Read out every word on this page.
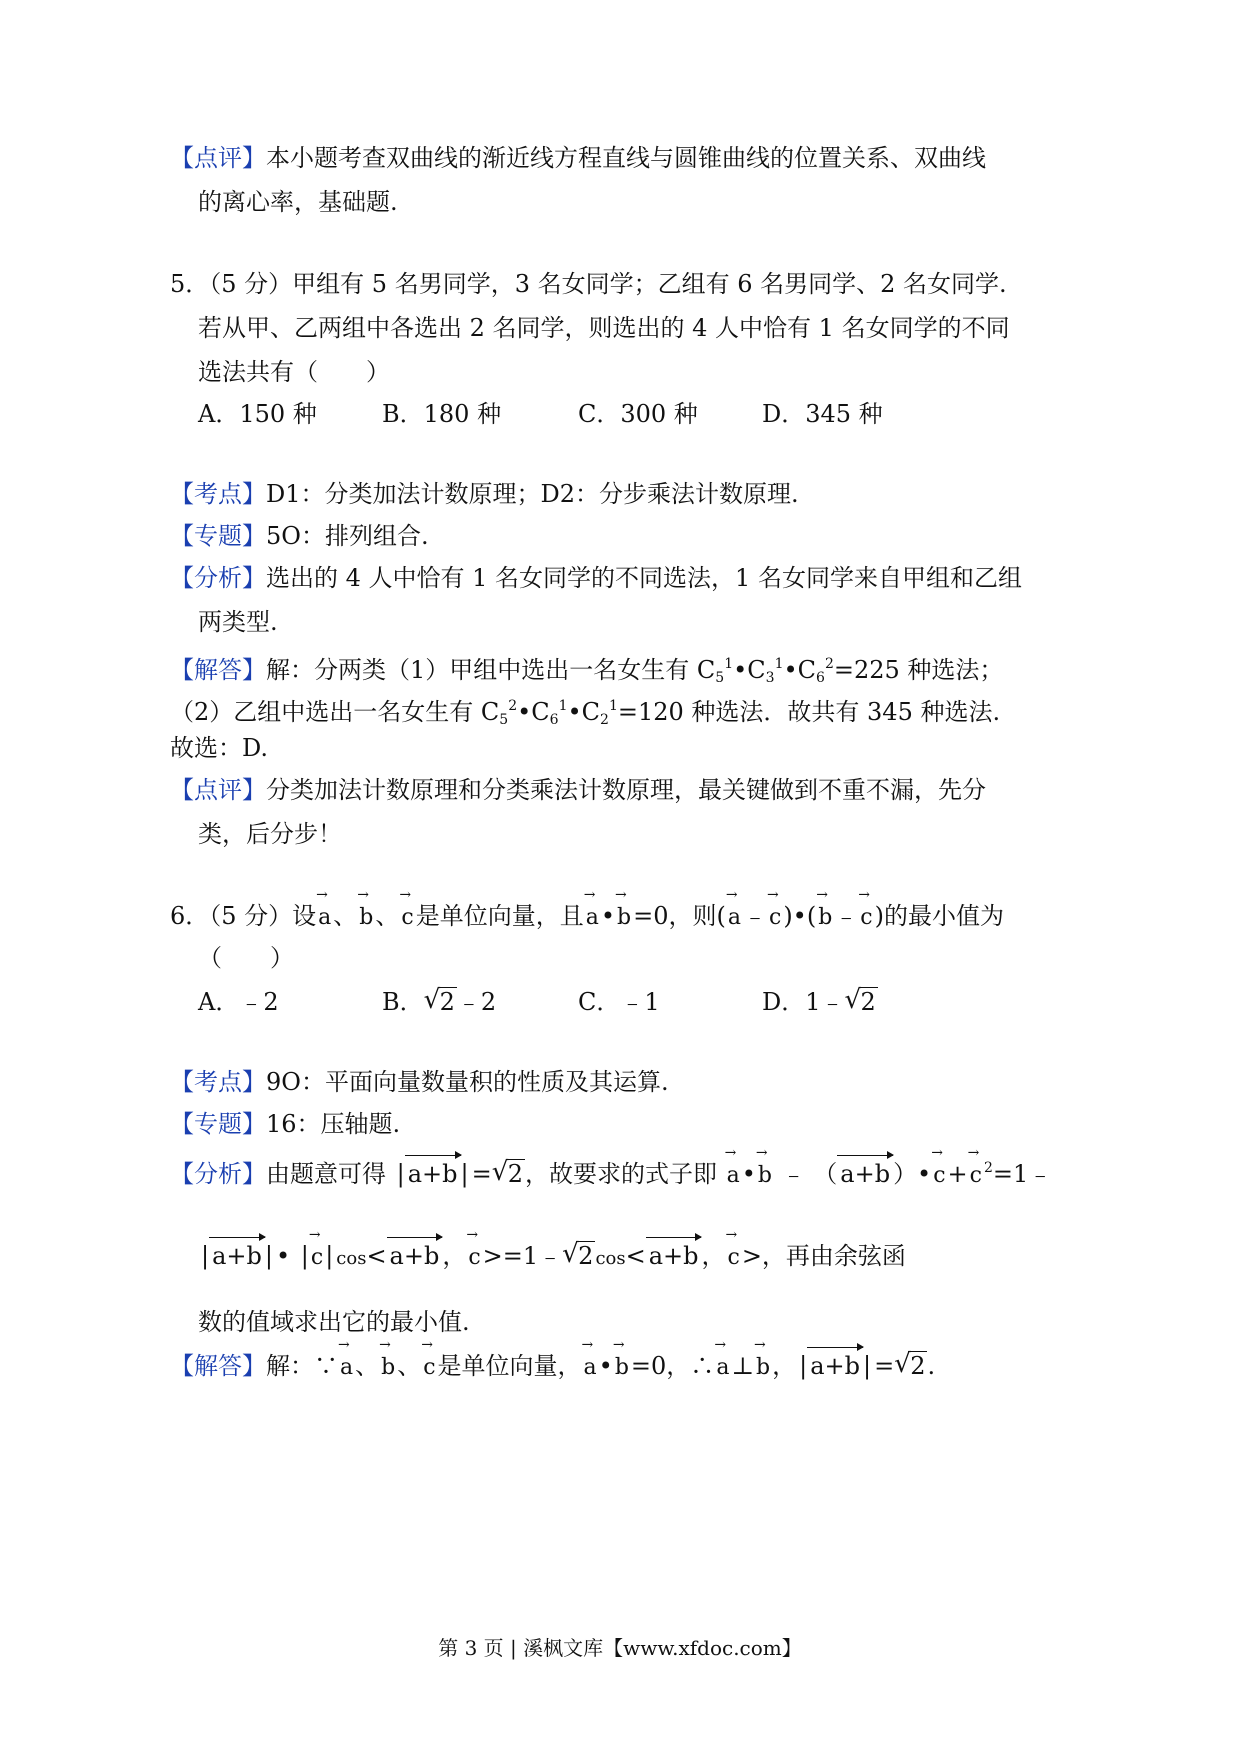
【点评】本小题考查双曲线的渐近线方程直线与圆锥曲线的位置关系、双曲线
的离心率，基础题.
5．（5 分）甲组有 5 名男同学，3 名女同学；乙组有 6 名男同学、2 名女同学.
若从甲、乙两组中各选出 2 名同学，则选出的 4 人中恰有 1 名女同学的不同
选法共有（　　）
A．150 种	B．180 种	C．300 种	D．345 种
【考点】D1：分类加法计数原理；D2：分步乘法计数原理.
【专题】5O：排列组合.
【分析】选出的 4 人中恰有 1 名女同学的不同选法，1 名女同学来自甲组和乙组
两类型.
【解答】解：分两类（1）甲组中选出一名女生有 $C_5^1•C_3^1•C_6^2=225$ 种选法；
（2）乙组中选出一名女生有 $C_5^2•C_6^1•C_2^1=120$ 种选法．故共有 345 种选法.
故选：D.
【点评】分类加法计数原理和分类乘法计数原理，最关键做到不重不漏，先分
类，后分步！
6．（5 分）设→ a、→ b、→ c是单位向量，且→ a•→ b=0，则(→ a﹣→ c)•(→ b﹣→ c)的最小值为
（　　）
A．﹣2	B． √ 2﹣2	C．﹣1	D．1﹣ √ 2
【考点】9O：平面向量数量积的性质及其运算.
【专题】16：压轴题.
【分析】由题意可得 | a+b | = √ 2，故要求的式子即 → a•→ b ﹣ （ a+b ）•→ c+→ c $^2$=1﹣
| a+b | • |→ c| cos< a+b ，→ c>=1﹣ √ 2 cos< a+b ，→ c>，再由余弦函
数的值域求出它的最小值.
【解答】解：∵→ a、→ b、→ c是单位向量，→ a•→ b=0，∴→ a⊥→ b， | a+b | = √ 2.
第 3 页 | 溪枫文库【www.xfdoc.com】
